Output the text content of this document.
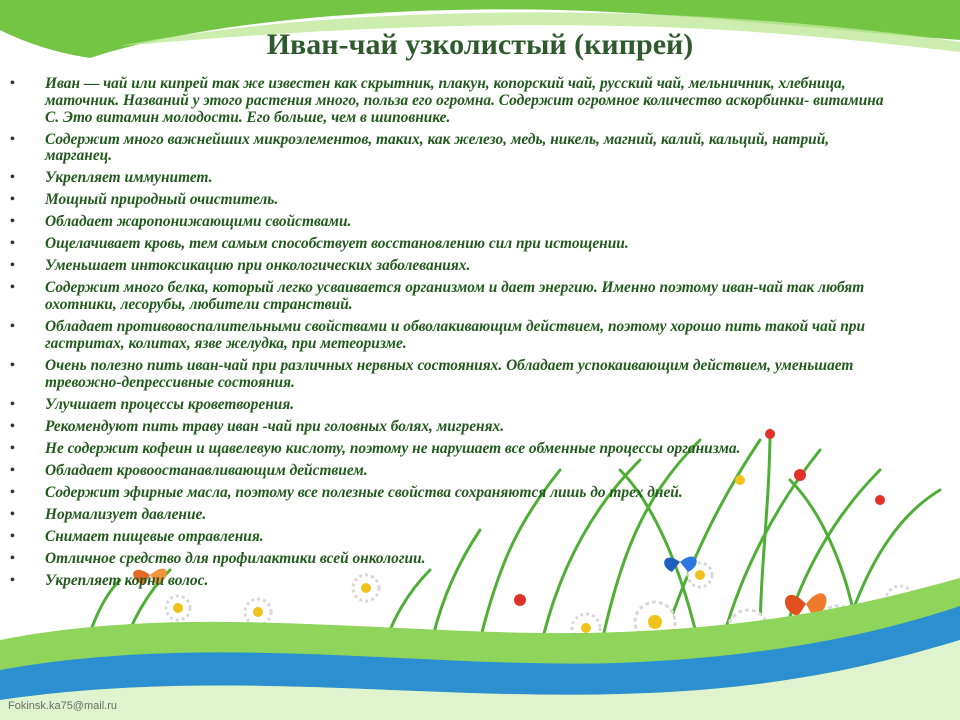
Иван-чай узколистый (кипрей)
• Иван — чай или кипрей так же известен как скрытник, плакун, копорский чай, русский чай, мельничник, хлебница, маточник. Названий у этого растения много, польза его огромна. Содержит огромное количество аскорбинки- витамина С. Это витамин молодости. Его больше, чем в шиповнике.
• Содержит много важнейших микроэлементов, таких, как железо, медь, никель, магний, калий, кальций, натрий, марганец.
• Укрепляет иммунитет.
• Мощный природный очиститель.
• Обладает жаропонижающими свойствами.
• Ощелачивает кровь, тем самым способствует восстановлению сил при истощении.
• Уменьшает интоксикацию при онкологических заболеваниях.
• Содержит много белка, который легко усваивается организмом и дает энергию. Именно поэтому иван-чай так любят охотники, лесорубы, любители странствий.
• Обладает противовоспалительными свойствами и обволакивающим действием, поэтому хорошо пить такой чай при гастритах, колитах, язве желудка, при метеоризме.
• Очень полезно пить иван-чай при различных нервных состояниях. Обладает успокаивающим действием, уменьшает тревожно-депрессивные состояния.
• Улучшает процессы кроветворения.
• Рекомендуют пить траву иван -чай при головных болях, мигренях.
• Не содержит кофеин и щавелевую кислоту, поэтому не нарушает все обменные процессы организма.
• Обладает кровоостанавливающим действием.
• Содержит эфирные масла, поэтому все полезные свойства сохраняются лишь до трех дней.
• Нормализует давление.
• Снимает пищевые отравления.
• Отличное средство для профилактики всей онкологии.
• Укрепляет корни волос.
Fokinsk.ka75@mail.ru
